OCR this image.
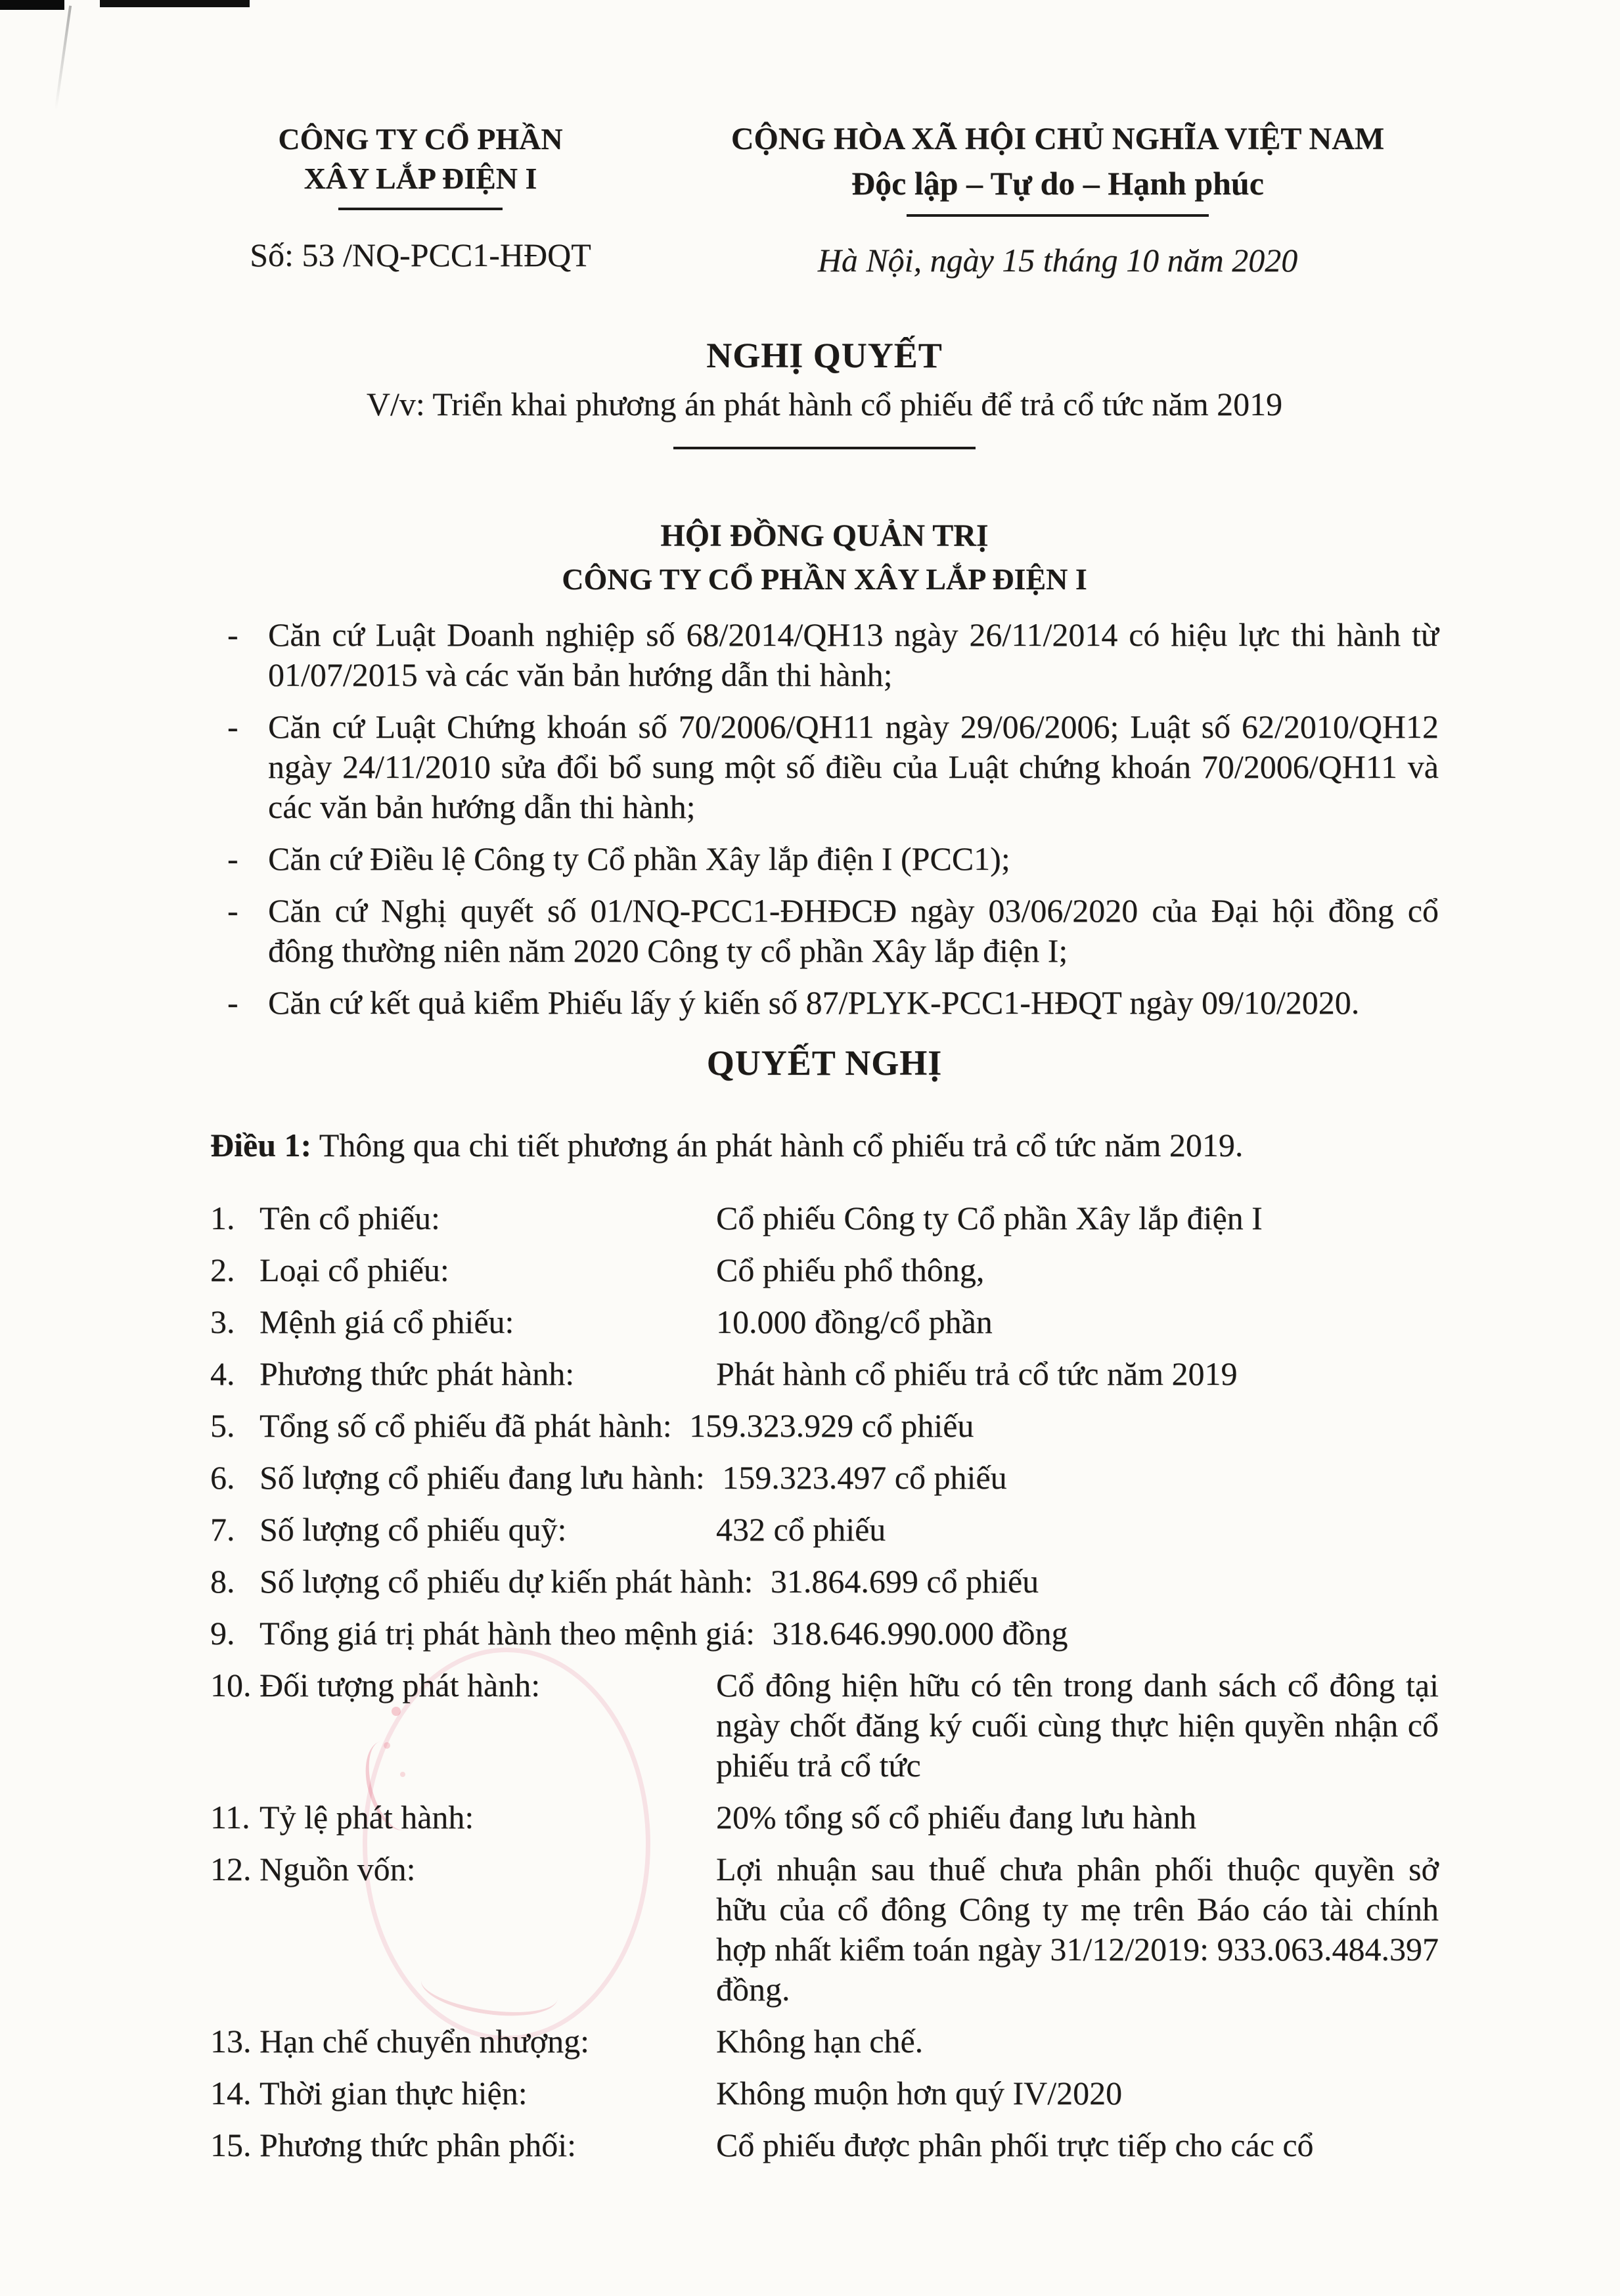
CÔNG TY CỔ PHẦN
XÂY LẮP ĐIỆN I
Số: 53 /NQ-PCC1-HĐQT
CỘNG HÒA XÃ HỘI CHỦ NGHĨA VIỆT NAM
Độc lập – Tự do – Hạnh phúc
Hà Nội, ngày 15 tháng 10 năm 2020
NGHỊ QUYẾT
V/v: Triển khai phương án phát hành cổ phiếu để trả cổ tức năm 2019
HỘI ĐỒNG QUẢN TRỊ
CÔNG TY CỔ PHẦN XÂY LẮP ĐIỆN I
- Căn cứ Luật Doanh nghiệp số 68/2014/QH13 ngày 26/11/2014 có hiệu lực thi hành từ 01/07/2015 và các văn bản hướng dẫn thi hành;
- Căn cứ Luật Chứng khoán số 70/2006/QH11 ngày 29/06/2006; Luật số 62/2010/QH12 ngày 24/11/2010 sửa đổi bổ sung một số điều của Luật chứng khoán 70/2006/QH11 và các văn bản hướng dẫn thi hành;
- Căn cứ Điều lệ Công ty Cổ phần Xây lắp điện I (PCC1);
- Căn cứ Nghị quyết số 01/NQ-PCC1-ĐHĐCĐ ngày 03/06/2020 của Đại hội đồng cổ đông thường niên năm 2020 Công ty cổ phần Xây lắp điện I;
- Căn cứ kết quả kiểm Phiếu lấy ý kiến số 87/PLYK-PCC1-HĐQT ngày 09/10/2020.
QUYẾT NGHỊ

Điều 1: Thông qua chi tiết phương án phát hành cổ phiếu trả cổ tức năm 2019.

1. Tên cổ phiếu:	Cổ phiếu Công ty Cổ phần Xây lắp điện I
2. Loại cổ phiếu:	Cổ phiếu phổ thông,
3. Mệnh giá cổ phiếu:	10.000 đồng/cổ phần
4. Phương thức phát hành:	Phát hành cổ phiếu trả cổ tức năm 2019
5. Tổng số cổ phiếu đã phát hành: 159.323.929 cổ phiếu
6. Số lượng cổ phiếu đang lưu hành: 159.323.497 cổ phiếu
7. Số lượng cổ phiếu quỹ:	432 cổ phiếu
8. Số lượng cổ phiếu dự kiến phát hành: 31.864.699 cổ phiếu
9. Tổng giá trị phát hành theo mệnh giá: 318.646.990.000 đồng
10. Đối tượng phát hành:	Cổ đông hiện hữu có tên trong danh sách cổ đông tại ngày chốt đăng ký cuối cùng thực hiện quyền nhận cổ phiếu trả cổ tức
11. Tỷ lệ phát hành:	20% tổng số cổ phiếu đang lưu hành
12. Nguồn vốn:	Lợi nhuận sau thuế chưa phân phối thuộc quyền sở hữu của cổ đông Công ty mẹ trên Báo cáo tài chính hợp nhất kiểm toán ngày 31/12/2019: 933.063.484.397 đồng.
13. Hạn chế chuyển nhượng:	Không hạn chế.
14. Thời gian thực hiện:	Không muộn hơn quý IV/2020
15. Phương thức phân phối:	Cổ phiếu được phân phối trực tiếp cho các cổ
